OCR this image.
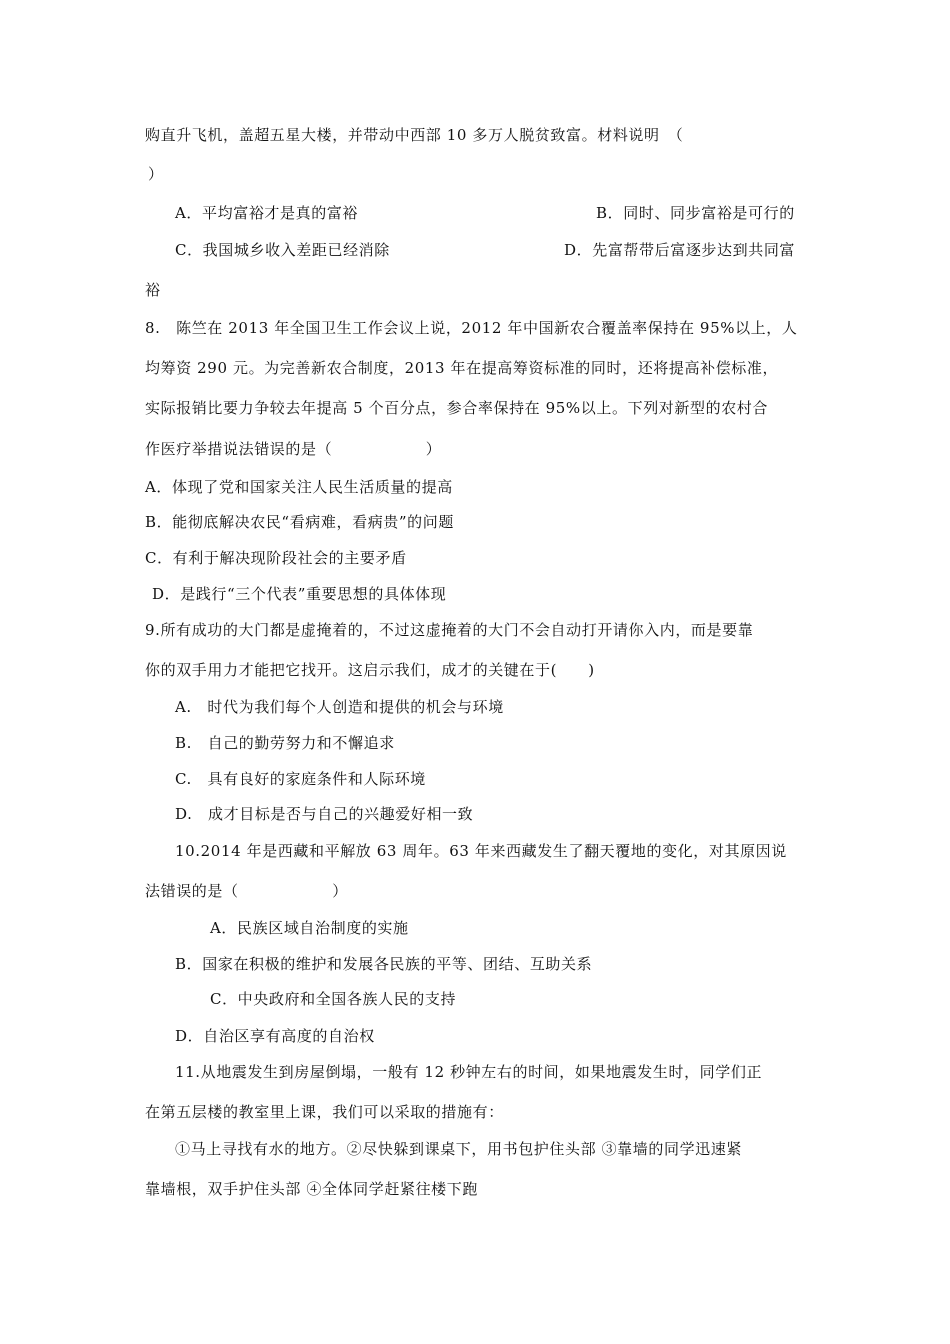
购直升飞机，盖超五星大楼，并带动中西部 10 多万人脱贫致富。材料说明　（
）
A．平均富裕才是真的富裕	B．同时、同步富裕是可行的
C．我国城乡收入差距已经消除	D．先富帮带后富逐步达到共同富
裕
8.　陈竺在 2013 年全国卫生工作会议上说，2012 年中国新农合覆盖率保持在 95%以上，人
均筹资 290 元。为完善新农合制度，2013 年在提高筹资标准的同时，还将提高补偿标准，
实际报销比要力争较去年提高 5 个百分点，参合率保持在 95%以上。下列对新型的农村合
作医疗举措说法错误的是（　　　　　　）
A．体现了党和国家关注人民生活质量的提高
B．能彻底解决农民“看病难，看病贵”的问题
C．有利于解决现阶段社会的主要矛盾
D．是践行“三个代表”重要思想的具体体现
9.所有成功的大门都是虚掩着的，不过这虚掩着的大门不会自动打开请你入内，而是要靠
你的双手用力才能把它找开。这启示我们，成才的关键在于(　　)
A.　时代为我们每个人创造和提供的机会与环境
B.　自己的勤劳努力和不懈追求
C.　具有良好的家庭条件和人际环境
D.　成才目标是否与自己的兴趣爱好相一致
10.2014 年是西藏和平解放 63 周年。63 年来西藏发生了翻天覆地的变化，对其原因说
法错误的是（　　　　　　）
A．民族区域自治制度的实施
B．国家在积极的维护和发展各民族的平等、团结、互助关系
C．中央政府和全国各族人民的支持
D．自治区享有高度的自治权
11.从地震发生到房屋倒塌，一般有 12 秒钟左右的时间，如果地震发生时，同学们正
在第五层楼的教室里上课，我们可以采取的措施有：
①马上寻找有水的地方。②尽快躲到课桌下，用书包护住头部 ③靠墙的同学迅速紧
靠墙根，双手护住头部 ④全体同学赶紧往楼下跑
